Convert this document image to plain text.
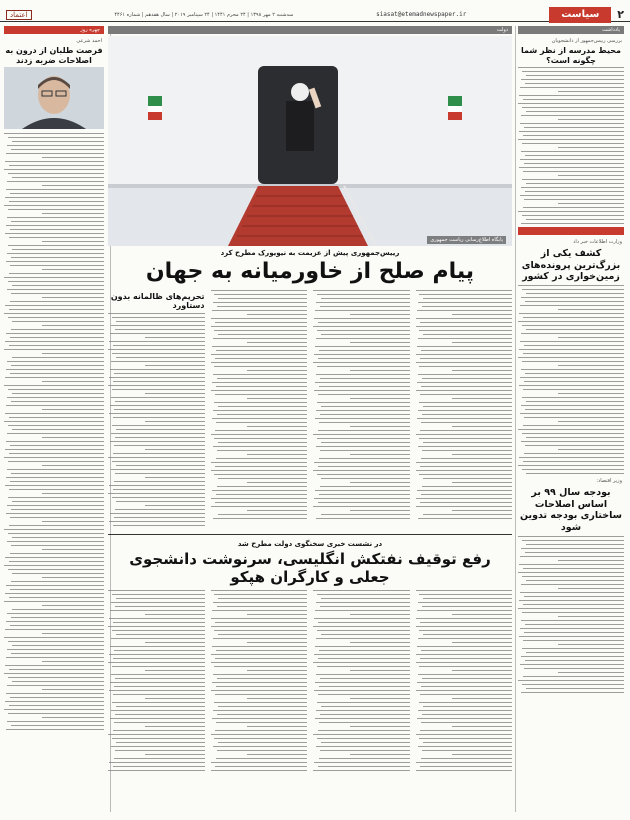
۲
سیاست
siasat@etemadnewspaper.ir
سه‌شنبه ۲ مهر ۱۳۹۸ | ۲۴ محرم ۱۴۴۱ | ۲۴ سپتامبر ۲۰۱۹ | سال هفدهم | شماره ۴۴۶۱
اعتماد
یادداشت
بررسی رییس‌جمهور از دانشجویان
محیط مدرسه از نظر شما چگونه است؟
وزارت اطلاعات خبر داد
کشف یکی از بزرگ‌ترین پرونده‌های زمین‌خواری در کشور
وزیر اقتصاد:
بودجه سال ۹۹ بر اساس اصلاحات ساختاری بودجه تدوین شود
دولت
پایگاه اطلاع‌رسانی ریاست جمهوری
رییس‌جمهوری پیش از عزیمت به نیویورک مطرح کرد
پیام صلح از خاورمیانه به جهان
تحریم‌های ظالمانه بدون دستاورد
در نشست خبری سخنگوی دولت مطرح شد
رفع توقیف نفتکش انگلیسی، سرنوشت دانشجوی جعلی و کارگران هپکو
چهره روز
احمد شرعی
فرصت طلبان از درون به اصلاحات ضربه زدند
